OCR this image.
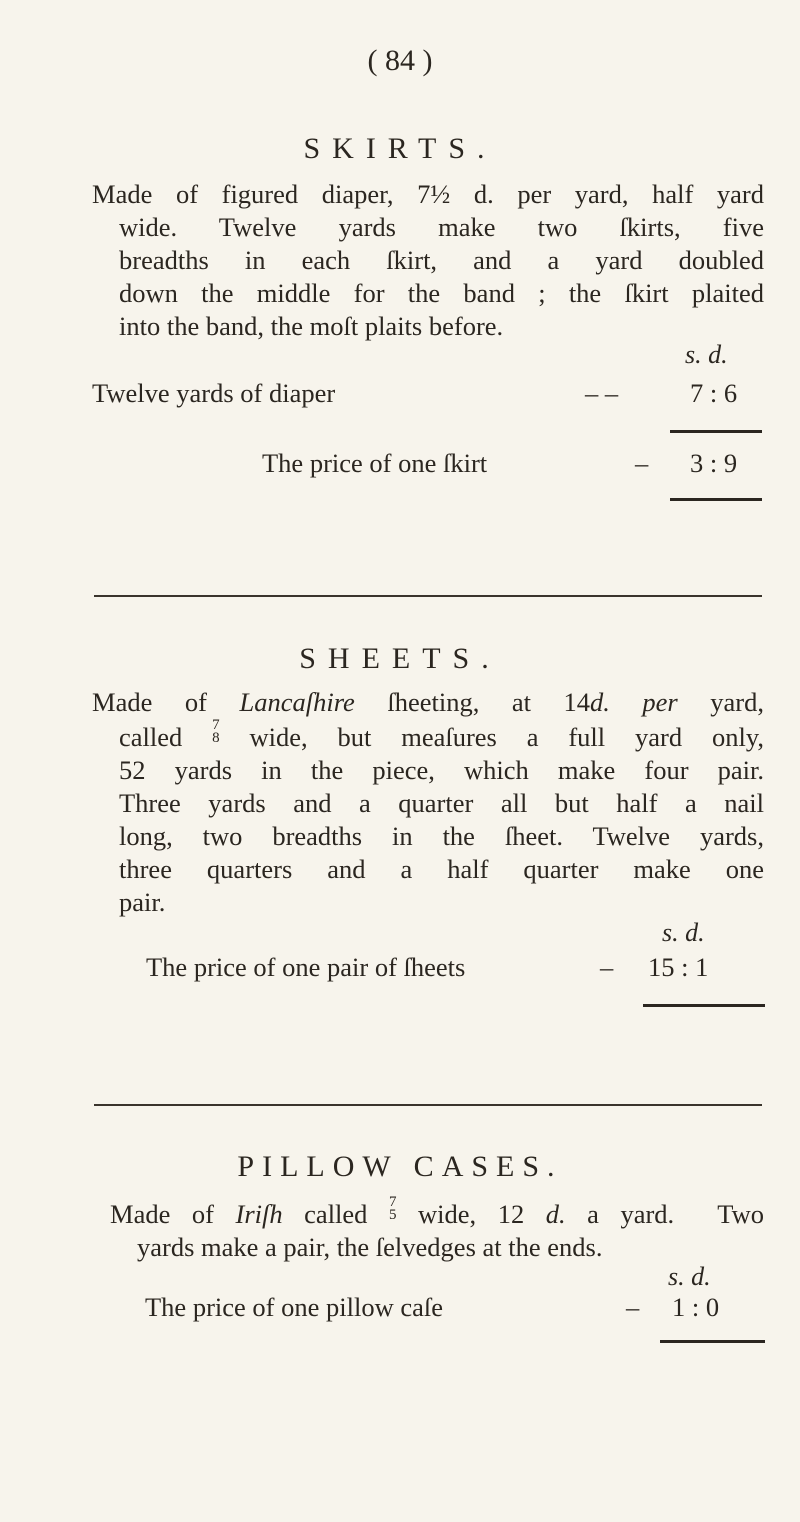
( 84 )
SKIRTS.
Made of figured diaper, 7½ d. per yard, half yard
wide. Twelve yards make two ſkirts, five
breadths in each ſkirt, and a yard doubled
down the middle for the band ; the ſkirt plaited
into the band, the moſt plaits before.
s. d.
Twelve yards of diaper	– –	7 : 6
The price of one ſkirt	– 3 : 9
SHEETS.
Made of Lancaſhire ſheeting, at 14d. per yard,
called 7
8 wide, but meaſures a full yard only,
52 yards in the piece, which make four pair.
Three yards and a quarter all but half a nail
long, two breadths in the ſheet. Twelve yards,
three quarters and a half quarter make one
pair.
s. d.
The price of one pair of ſheets	– 15 : 1
PILLOW CASES.
Made of Iriſh called 7
5 wide, 12 d. a yard.  Two
yards make a pair, the ſelvedges at the ends.
s. d.
The price of one pillow caſe	– 1 : 0
